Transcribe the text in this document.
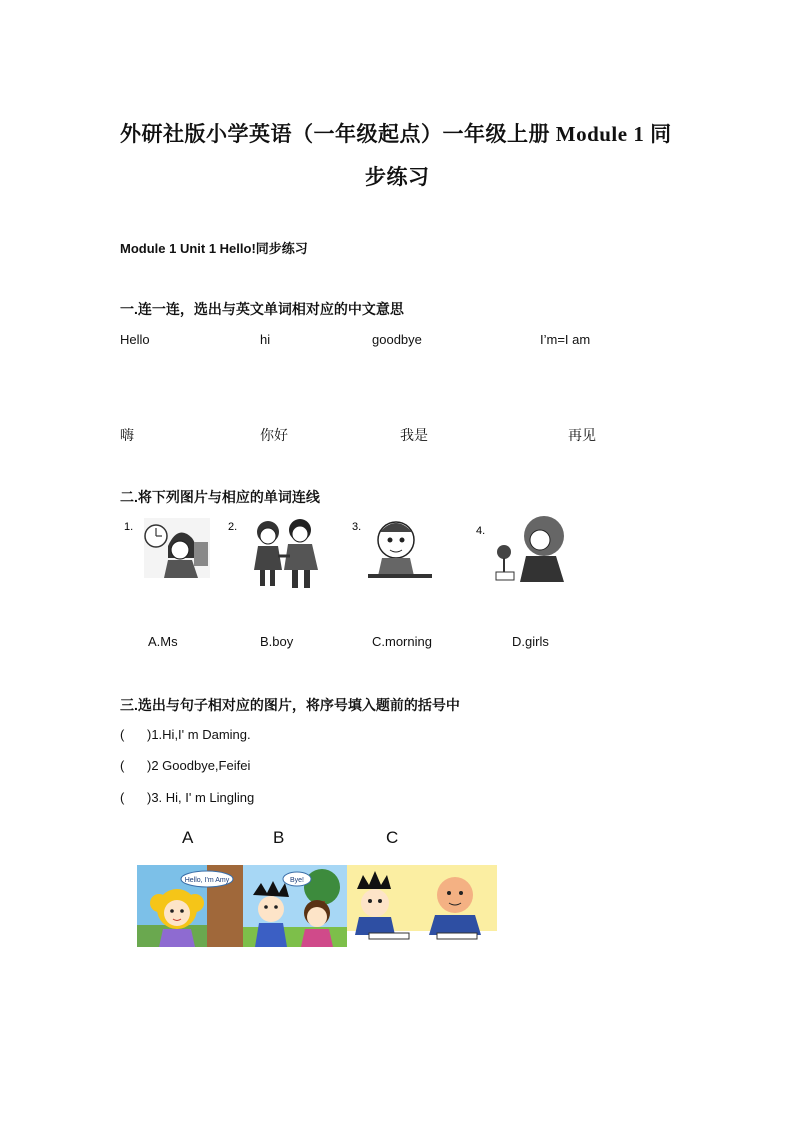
外研社版小学英语（一年级起点）一年级上册 Module 1 同
步练习
Module 1 Unit 1 Hello!同步练习
一.连一连，选出与英文单词相对应的中文意思
Hello	hi	goodbye	I’m=I am
嗨	你好	我是	再见
二.将下列图片与相应的单词连线
1.	2.	3.	4.
A.Ms	B.boy	C.morning	D.girls
三.选出与句子相对应的图片，将序号填入题前的括号中
( )1.Hi,I' m Daming.
( )2 Goodbye,Feifei
( )3. Hi, I' m Lingling
A	B	C
Hello, I'm Amy	Bye!
